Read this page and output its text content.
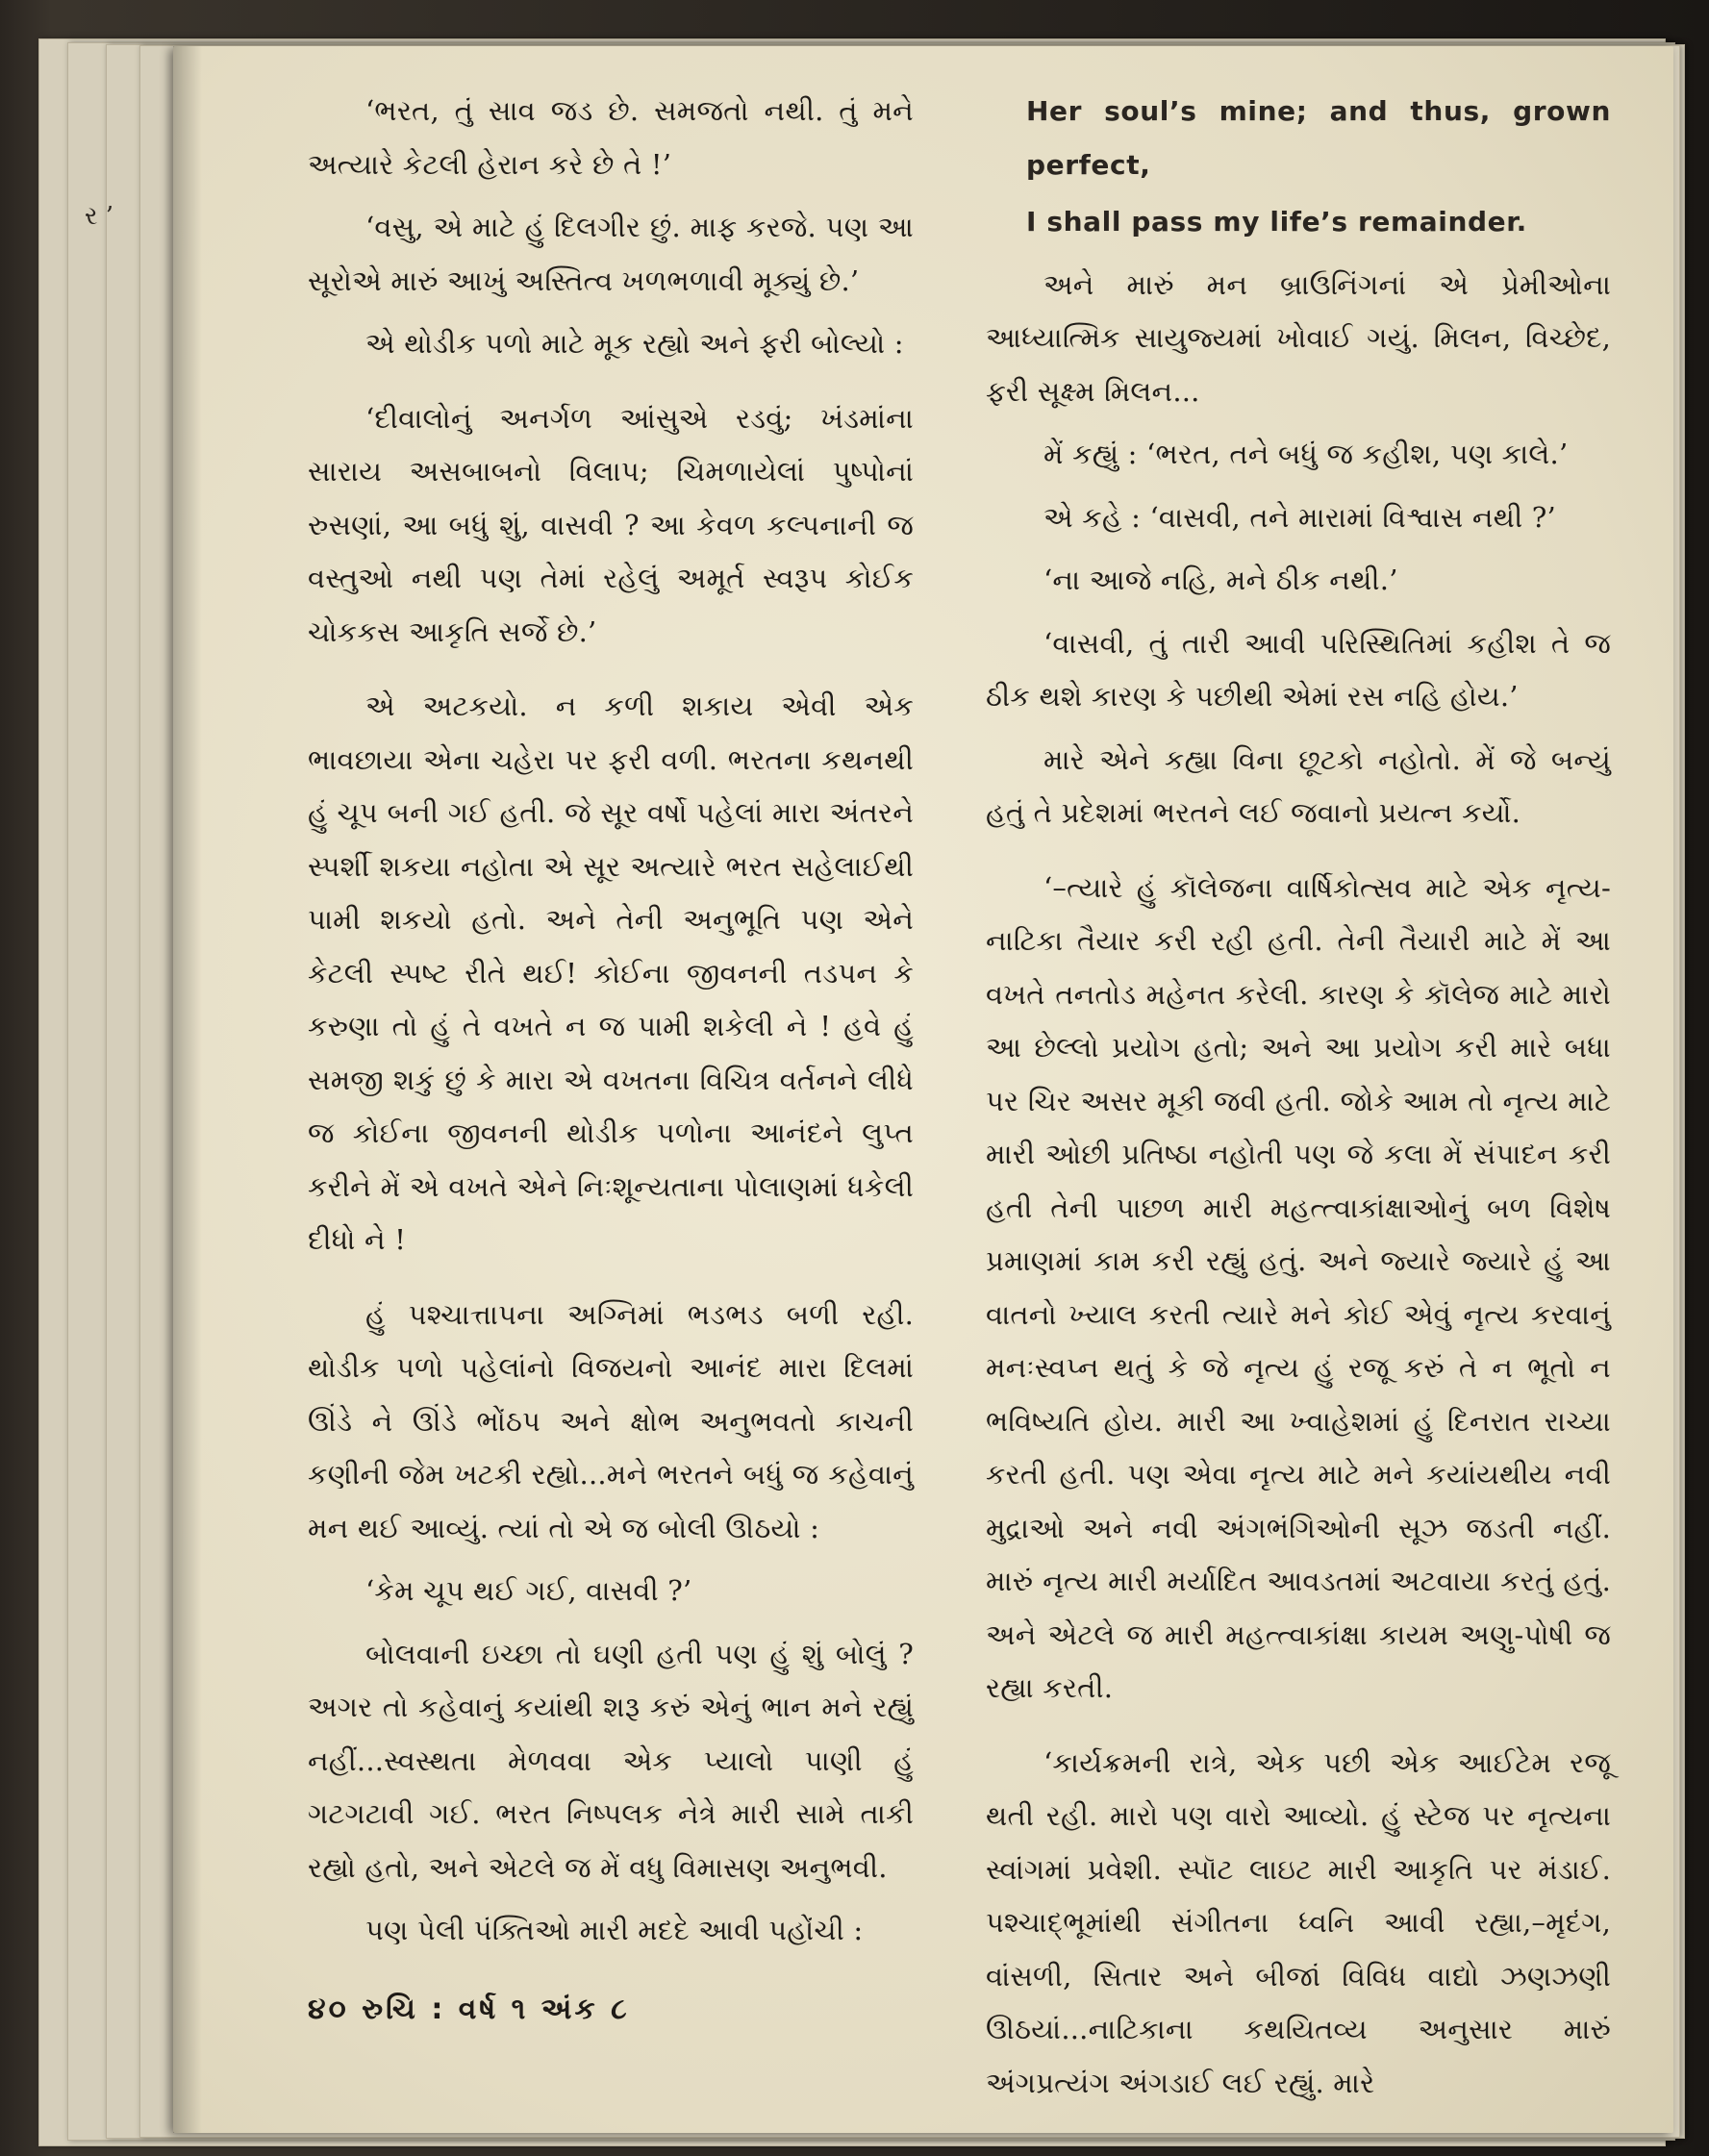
ર ’

‘ભરત, તું સાવ જડ છે. સમજતો નથી. તું મને અત્યારે કેટલી હેરાન કરે છે તે !’

‘વસુ, એ માટે હું દિલગીર છું. માફ કરજે. પણ આ સૂરોએ મારું આખું અસ્તિત્વ ખળભળાવી મૂક્યું છે.’

એ થોડીક પળો માટે મૂક રહ્યો અને ફરી બોલ્યો :

‘દીવાલોનું અનર્ગળ આંસુએ રડવું; ખંડમાંના સારાય અસબાબનો વિલાપ; ચિમળાયેલાં પુષ્પોનાં રુસણાં, આ બધું શું, વાસવી ? આ કેવળ કલ્પનાની જ વસ્તુઓ નથી પણ તેમાં રહેલું અમૂર્ત સ્વરૂપ કોઈક ચોકકસ આકૃતિ સર્જે છે.’

એ અટકયો. ન કળી શકાય એવી એક ભાવછાયા એના ચહેરા પર ફરી વળી. ભરતના કથનથી હું ચૂપ બની ગઈ હતી. જે સૂર વર્ષો પહેલાં મારા અંતરને સ્પર્શી શકયા નહોતા એ સૂર અત્યારે ભરત સહેલાઈથી પામી શકયો હતો. અને તેની અનુભૂતિ પણ એને કેટલી સ્પષ્ટ રીતે થઈ! કોઈના જીવનની તડપન કે કરુણા તો હું તે વખતે ન જ પામી શકેલી ને ! હવે હું સમજી શકું છું કે મારા એ વખતના વિચિત્ર વર્તનને લીધે જ કોઈના જીવનની થોડીક પળોના આનંદને લુપ્ત કરીને મેં એ વખતે એને નિઃશૂન્યતાના પોલાણમાં ધકેલી દીધો ને !

હું પશ્ચાત્તાપના અગ્નિમાં ભડભડ બળી રહી. થોડીક પળો પહેલાંનો વિજયનો આનંદ મારા દિલમાં ઊંડે ને ઊંડે ભોંઠપ અને ક્ષોભ અનુભવતો કાચની કણીની જેમ ખટકી રહ્યો...મને ભરતને બધું જ કહેવાનું મન થઈ આવ્યું. ત્યાં તો એ જ બોલી ઊઠયો :

‘કેમ ચૂપ થઈ ગઈ, વાસવી ?’

બોલવાની ઇચ્છા તો ઘણી હતી પણ હું શું બોલું ? અગર તો કહેવાનું કયાંથી શરૂ કરું એનું ભાન મને રહ્યું નહીં...સ્વસ્થતા મેળવવા એક પ્યાલો પાણી હું ગટગટાવી ગઈ. ભરત નિષ્પલક નેત્રે મારી સામે તાકી રહ્યો હતો, અને એટલે જ મેં વધુ વિમાસણ અનુભવી.

પણ પેલી પંક્તિઓ મારી મદદે આવી પહોંચી :

Her soul’s mine; and thus, grown perfect,

I shall pass my life’s remainder.

અને મારું મન બ્રાઉનિંગનાં એ પ્રેમીઓના આધ્યાત્મિક સાયુજ્યમાં ખોવાઈ ગયું. મિલન, વિચ્છેદ, ફરી સૂક્ષ્મ મિલન...

મેં કહ્યું : ‘ભરત, તને બધું જ કહીશ, પણ કાલે.’

એ કહે : ‘વાસવી, તને મારામાં વિશ્વાસ નથી ?’

‘ના આજે નહિ, મને ઠીક નથી.’

‘વાસવી, તું તારી આવી પરિસ્થિતિમાં કહીશ તે જ ઠીક થશે કારણ કે પછીથી એમાં રસ નહિ હોય.’

મારે એને કહ્યા વિના છૂટકો નહોતો. મેં જે બન્યું હતું તે પ્રદેશમાં ભરતને લઈ જવાનો પ્રયત્ન કર્યો.

‘–ત્યારે હું કૉલેજના વાર્ષિકોત્સવ માટે એક નૃત્ય-નાટિકા તૈયાર કરી રહી હતી. તેની તૈયારી માટે મેં આ વખતે તનતોડ મહેનત કરેલી. કારણ કે કૉલેજ માટે મારો આ છેલ્લો પ્રયોગ હતો; અને આ પ્રયોગ કરી મારે બધા પર ચિર અસર મૂકી જવી હતી. જોકે આમ તો નૃત્ય માટે મારી ઓછી પ્રતિષ્ઠા નહોતી પણ જે કલા મેં સંપાદન કરી હતી તેની પાછળ મારી મહત્ત્વાકાંક્ષાઓનું બળ વિશેષ પ્રમાણમાં કામ કરી રહ્યું હતું. અને જ્યારે જ્યારે હું આ વાતનો ખ્યાલ કરતી ત્યારે મને કોઈ એવું નૃત્ય કરવાનું મનઃસ્વપ્ન થતું કે જે નૃત્ય હું રજૂ કરું તે ન ભૂતો ન ભવિષ્યતિ હોય. મારી આ ખ્વાહેશમાં હું દિનરાત રાચ્યા કરતી હતી. પણ એવા નૃત્ય માટે મને કયાંયથીય નવી મુદ્રાઓ અને નવી અંગભંગિઓની સૂઝ જડતી નહીં. મારું નૃત્ય મારી મર્યાદિત આવડતમાં અટવાયા કરતું હતું. અને એટલે જ મારી મહત્ત્વાકાંક્ષા કાયમ અણુ-પોષી જ રહ્યા કરતી.

‘કાર્યક્રમની રાત્રે, એક પછી એક આઈટેમ રજૂ થતી રહી. મારો પણ વારો આવ્યો. હું સ્ટેજ પર નૃત્યના સ્વાંગમાં પ્રવેશી. સ્પૉટ લાઇટ મારી આકૃતિ પર મંડાઈ. પશ્ચાદ્ભૂમાંથી સંગીતના ધ્વનિ આવી રહ્યા,–મૃદંગ, વાંસળી, સિતાર અને બીજાં વિવિધ વાદ્યો ઝણઝણી ઊઠયાં...નાટિકાના કથયિતવ્ય અનુસાર મારું અંગપ્રત્યંગ અંગડાઈ લઈ રહ્યું. મારે

૪૦ રુચિ : વર્ષ ૧ અંક ૮
